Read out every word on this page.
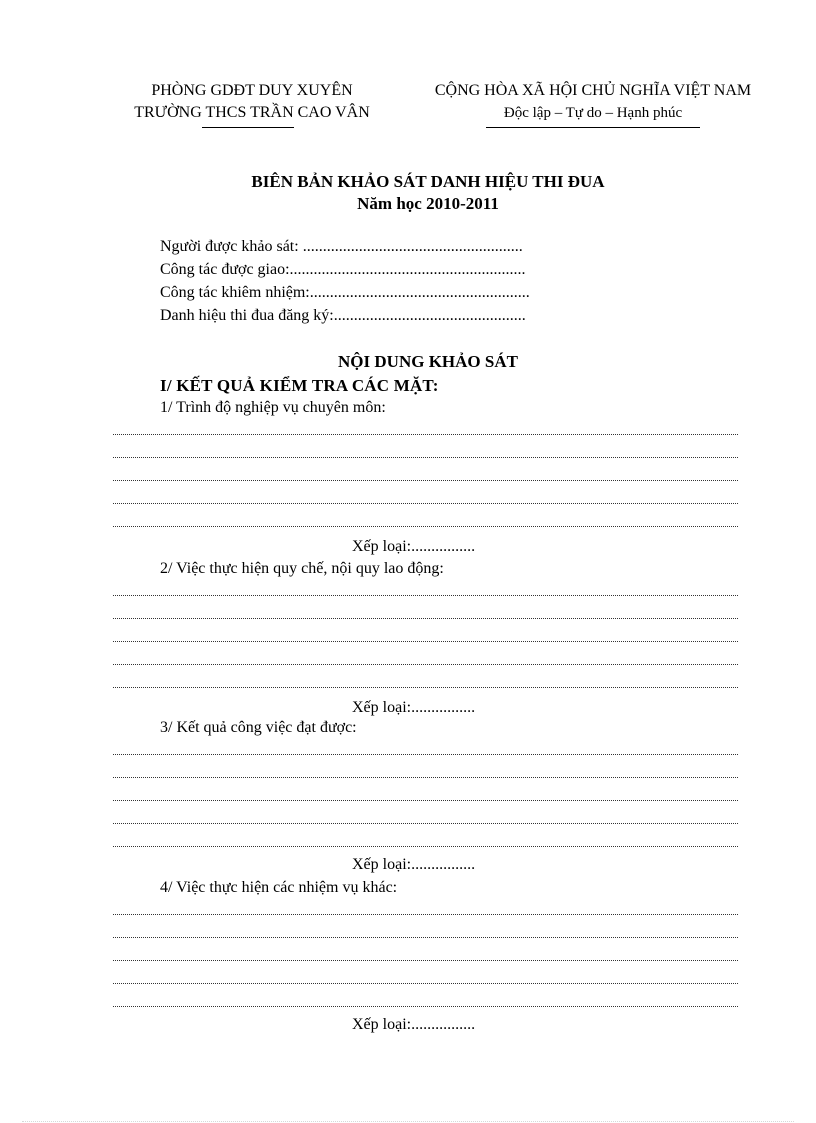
PHÒNG GDĐT DUY XUYÊN
TRƯỜNG THCS TRẦN CAO VÂN
CỘNG HÒA XÃ HỘI CHỦ NGHĨA VIỆT NAM
Độc lập – Tự do – Hạnh phúc
BIÊN BẢN KHẢO SÁT DANH HIỆU THI ĐUA
Năm học 2010-2011
Người được khảo sát: .......................................................
Công tác được giao:...........................................................
Công tác khiêm nhiệm:.......................................................
Danh hiệu thi đua đăng ký:................................................
NỘI DUNG KHẢO SÁT
I/ KẾT QUẢ KIỂM TRA CÁC MẶT:
1/ Trình độ nghiệp vụ chuyên môn:
Xếp loại:................
2/ Việc thực hiện quy chế, nội quy lao động:
Xếp loại:................
3/ Kết quả công việc đạt được:
Xếp loại:................
4/ Việc thực hiện các nhiệm vụ khác:
Xếp loại:................
